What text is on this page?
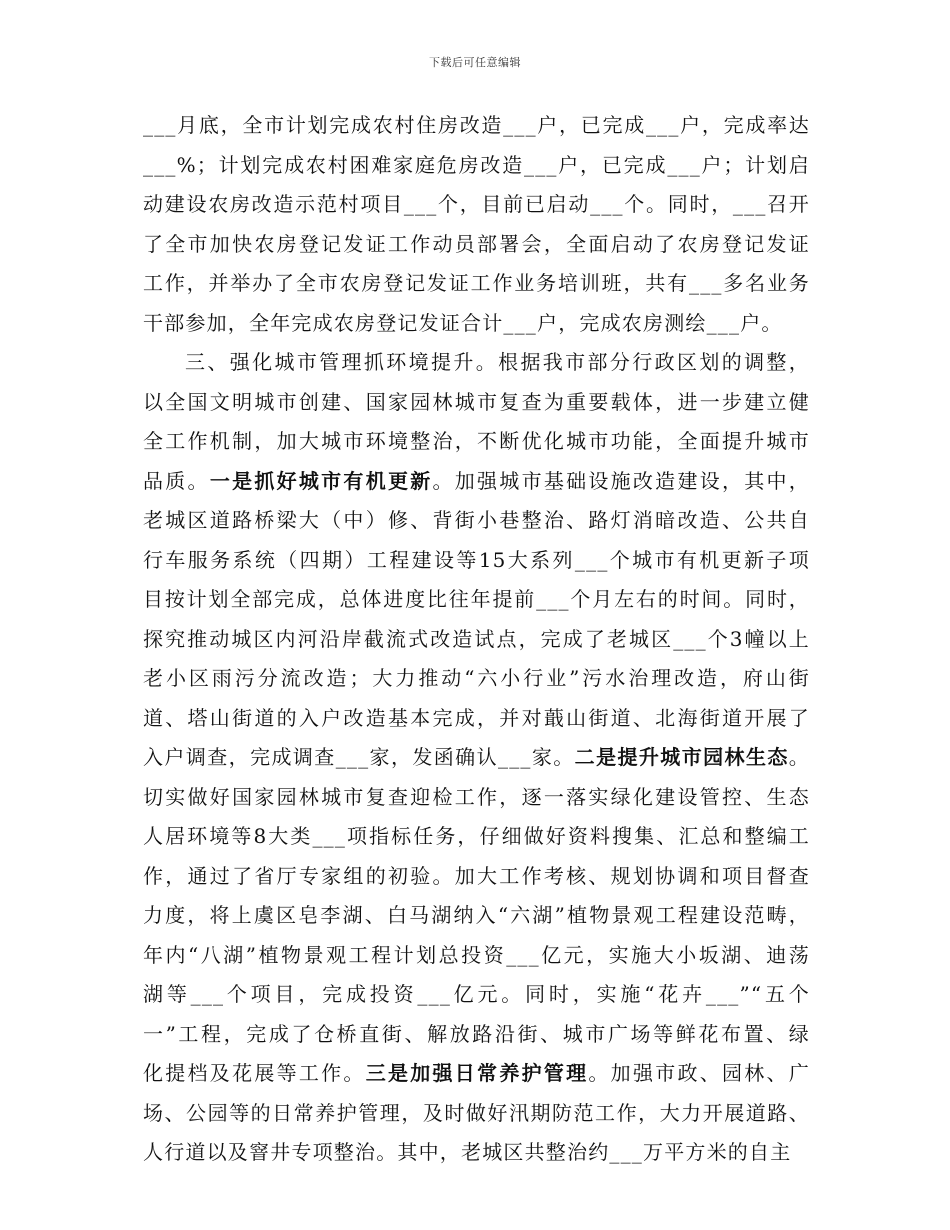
下载后可任意编辑
___月底，全市计划完成农村住房改造___户，已完成___户，完成率达
___%；计划完成农村困难家庭危房改造___户，已完成___户；计划启
动建设农房改造示范村项目___个，目前已启动___个。同时，___召开
了全市加快农房登记发证工作动员部署会，全面启动了农房登记发证
工作，并举办了全市农房登记发证工作业务培训班，共有___多名业务
干部参加，全年完成农房登记发证合计___户，完成农房测绘___户。
三、强化城市管理抓环境提升。根据我市部分行政区划的调整，
以全国文明城市创建、国家园林城市复查为重要载体，进一步建立健
全工作机制，加大城市环境整治，不断优化城市功能，全面提升城市
品质。一是抓好城市有机更新。加强城市基础设施改造建设，其中，
老城区道路桥梁大（中）修、背街小巷整治、路灯消暗改造、公共自
行车服务系统（四期）工程建设等15大系列___个城市有机更新子项
目按计划全部完成，总体进度比往年提前___个月左右的时间。同时，
探究推动城区内河沿岸截流式改造试点，完成了老城区___个3幢以上
老小区雨污分流改造；大力推动“六小行业”污水治理改造，府山街
道、塔山街道的入户改造基本完成，并对蕺山街道、北海街道开展了
入户调查，完成调查___家，发函确认___家。二是提升城市园林生态。
切实做好国家园林城市复查迎检工作，逐一落实绿化建设管控、生态
人居环境等8大类___项指标任务，仔细做好资料搜集、汇总和整编工
作，通过了省厅专家组的初验。加大工作考核、规划协调和项目督查
力度，将上虞区皂李湖、白马湖纳入“六湖”植物景观工程建设范畴，
年内“八湖”植物景观工程计划总投资___亿元，实施大小坂湖、迪荡
湖等___个项目，完成投资___亿元。同时，实施“花卉___”“五个
一”工程，完成了仓桥直街、解放路沿街、城市广场等鲜花布置、绿
化提档及花展等工作。三是加强日常养护管理。加强市政、园林、广
场、公园等的日常养护管理，及时做好汛期防范工作，大力开展道路、
人行道以及窨井专项整治。其中，老城区共整治约___万平方米的自主
